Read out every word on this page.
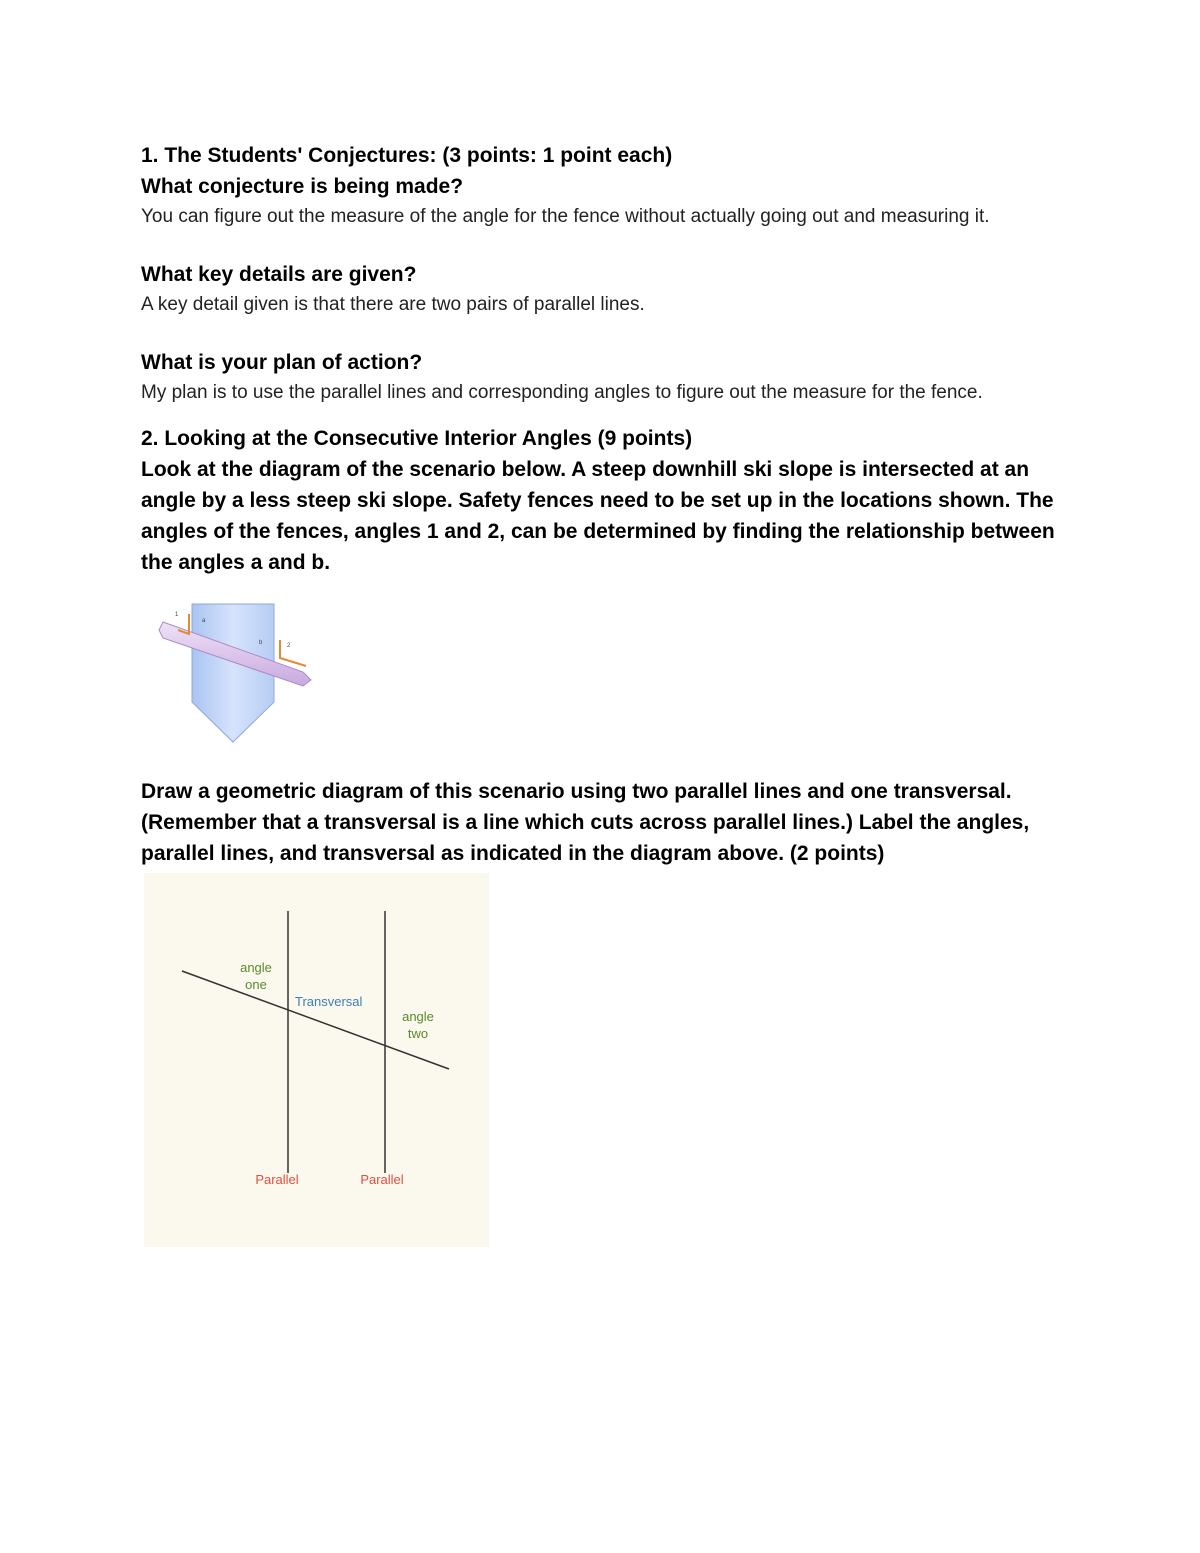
1. The Students' Conjectures: (3 points: 1 point each)

What conjecture is being made?

You can figure out the measure of the angle for the fence without actually going out and measuring it.

What key details are given?

A key detail given is that there are two pairs of parallel lines.

What is your plan of action?

My plan is to use the parallel lines and corresponding angles to figure out the measure for the fence.

2. Looking at the Consecutive Interior Angles (9 points)

Look at the diagram of the scenario below. A steep downhill ski slope is intersected at an angle by a less steep ski slope. Safety fences need to be set up in the locations shown. The angles of the fences, angles 1 and 2, can be determined by finding the relationship between the angles a and b.

1
a
b	2

Draw a geometric diagram of this scenario using two parallel lines and one transversal. (Remember that a transversal is a line which cuts across parallel lines.) Label the angles, parallel lines, and transversal as indicated in the diagram above. (2 points)

angle
one
Transversal
angle
two
Parallel	Parallel
